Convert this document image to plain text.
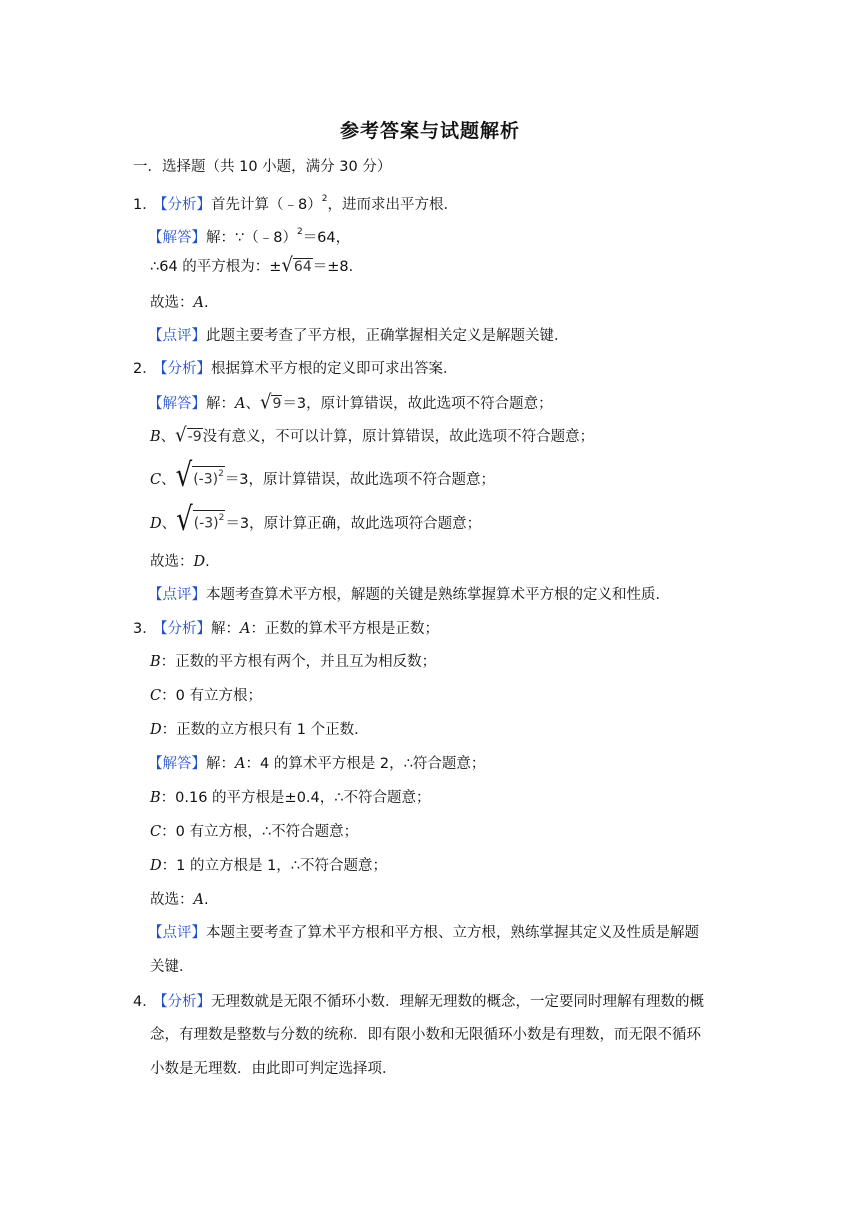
参考答案与试题解析
一．选择题（共 10 小题，满分 30 分）
1．【分析】首先计算（﹣8）$^2$，进而求出平方根．
【解答】解：∵（﹣8）$^2$＝64，
∴64 的平方根为：±√64＝±8．
故选：A.
【点评】此题主要考查了平方根，正确掌握相关定义是解题关键．
2．【分析】根据算术平方根的定义即可求出答案．
【解答】解：A、√9＝3，原计算错误，故此选项不符合题意；
B、√-9没有意义，不可以计算，原计算错误，故此选项不符合题意；
C、$√(-3)^2=3$，原计算错误，故此选项不符合题意；
D、$√(-3)^2=3$，原计算正确，故此选项符合题意；
故选：D.
【点评】本题考查算术平方根，解题的关键是熟练掌握算术平方根的定义和性质．
3．【分析】解：A：正数的算术平方根是正数；
B：正数的平方根有两个，并且互为相反数；
C：0 有立方根；
D：正数的立方根只有 1 个正数．
【解答】解：A：4 的算术平方根是 2，∴符合题意；
B：0.16 的平方根是±0.4，∴不符合题意；
C：0 有立方根，∴不符合题意；
D：1 的立方根是 1，∴不符合题意；
故选：A.
【点评】本题主要考查了算术平方根和平方根、立方根，熟练掌握其定义及性质是解题
关键．
4．【分析】无理数就是无限不循环小数．理解无理数的概念，一定要同时理解有理数的概
念，有理数是整数与分数的统称．即有限小数和无限循环小数是有理数，而无限不循环
小数是无理数．由此即可判定选择项．
